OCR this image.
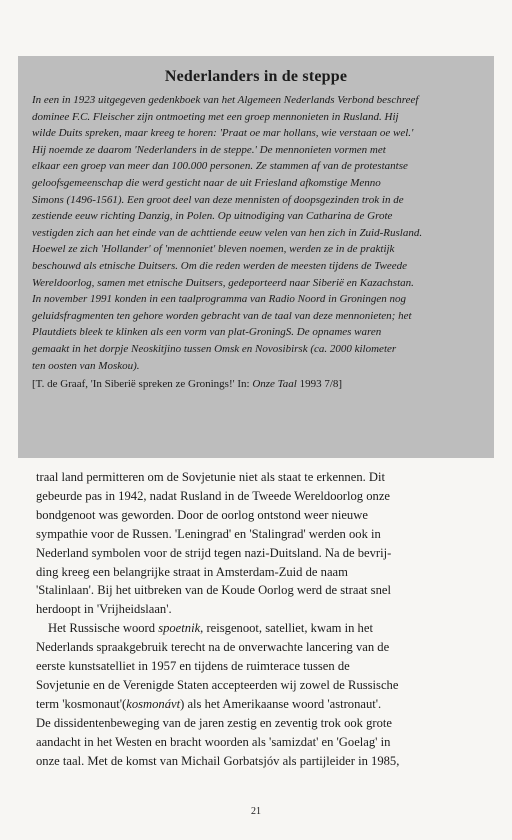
Nederlanders in de steppe
In een in 1923 uitgegeven gedenkboek van het Algemeen Nederlands Verbond beschreef
dominee F.C. Fleischer zijn ontmoeting met een groep mennonieten in Rusland. Hij
wilde Duits spreken, maar kreeg te horen: 'Praat oe mar hollans, wie verstaan oe wel.'
Hij noemde ze daarom 'Nederlanders in de steppe.' De mennonieten vormen met
elkaar een groep van meer dan 100.000 personen. Ze stammen af van de protestantse
geloofsgemeenschap die werd gesticht naar de uit Friesland afkomstige Menno
Simons (1496-1561). Een groot deel van deze mennisten of doopsgezinden trok in de
zestiende eeuw richting Danzig, in Polen. Op uitnodiging van Catharina de Grote
vestigden zich aan het einde van de achttiende eeuw velen van hen zich in Zuid-Rusland.
Hoewel ze zich 'Hollander' of 'mennoniet' bleven noemen, werden ze in de praktijk
beschouwd als etnische Duitsers. Om die reden werden de meesten tijdens de Tweede
Wereldoorlog, samen met etnische Duitsers, gedeporteerd naar Siberië en Kazachstan.
In november 1991 konden in een taalprogramma van Radio Noord in Groningen nog
geluidsfragmenten ten gehore worden gebracht van de taal van deze mennonieten; het
Plautdiets bleek te klinken als een vorm van plat-GroningS. De opnames waren
gemaakt in het dorpje Neoskitjino tussen Omsk en Novosibirsk (ca. 2000 kilometer
ten oosten van Moskou).
[T. de Graaf, 'In Siberië spreken ze Gronings!' In: Onze Taal 1993 7/8]
traal land permitteren om de Sovjetunie niet als staat te erkennen. Dit
gebeurde pas in 1942, nadat Rusland in de Tweede Wereldoorlog onze
bondgenoot was geworden. Door de oorlog ontstond weer nieuwe
sympathie voor de Russen. 'Leningrad' en 'Stalingrad' werden ook in
Nederland symbolen voor de strijd tegen nazi-Duitsland. Na de bevrij-
ding kreeg een belangrijke straat in Amsterdam-Zuid de naam
'Stalinlaan'. Bij het uitbreken van de Koude Oorlog werd de straat snel
herdoopt in 'Vrijheidslaan'.
Het Russische woord spoetnik, reisgenoot, satelliet, kwam in het
Nederlands spraakgebruik terecht na de onverwachte lancering van de
eerste kunstsatelliet in 1957 en tijdens de ruimterace tussen de
Sovjetunie en de Verenigde Staten accepteerden wij zowel de Russische
term 'kosmonaut'(kosmonávt) als het Amerikaanse woord 'astronaut'.
De dissidentenbeweging van de jaren zestig en zeventig trok ook grote
aandacht in het Westen en bracht woorden als 'samizdat' en 'Goelag' in
onze taal. Met de komst van Michail Gorbatsjóv als partijleider in 1985,
21
